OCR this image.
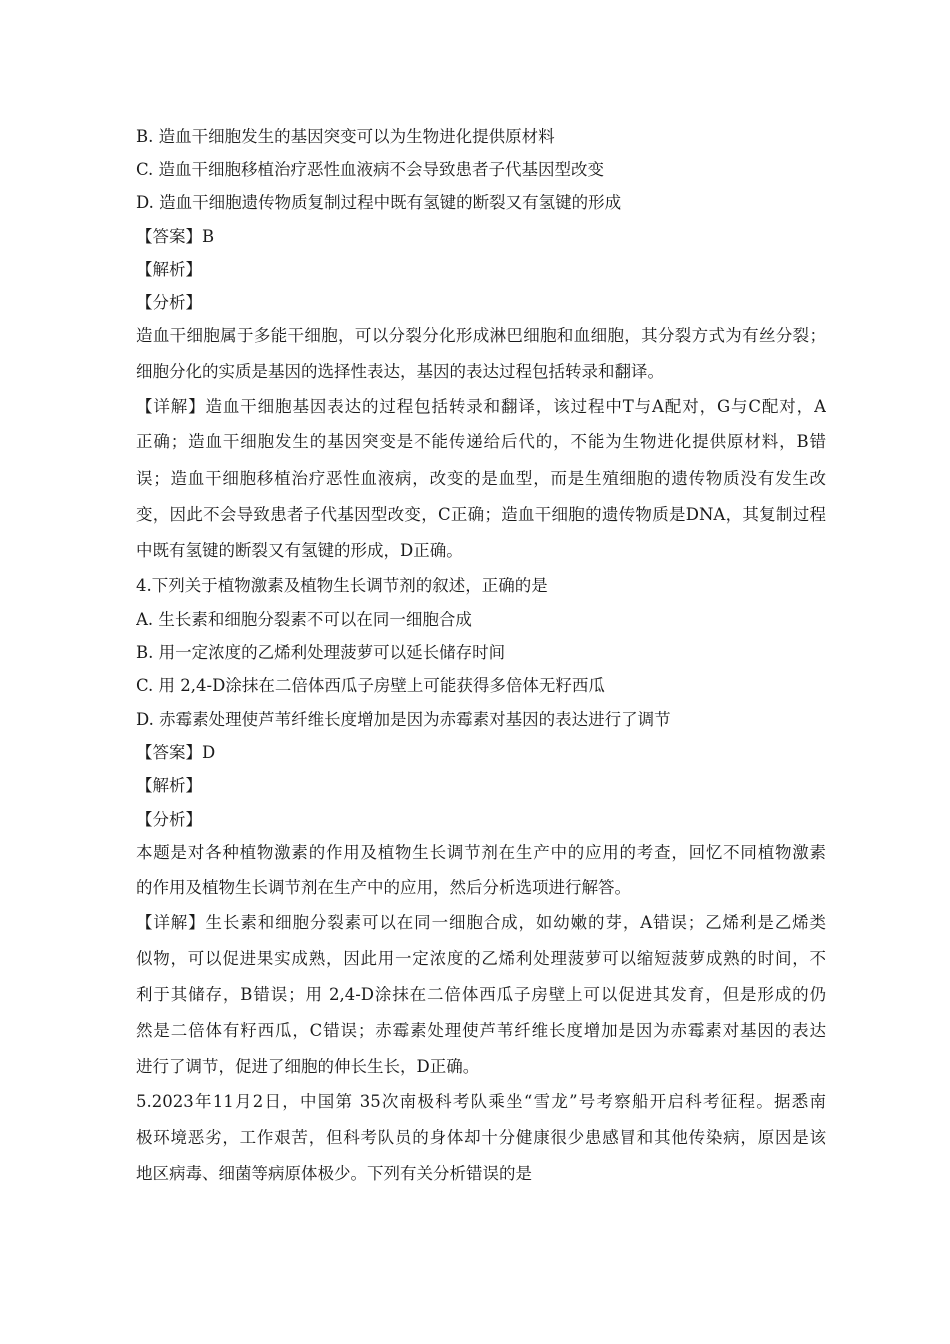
B. 造血干细胞发生的基因突变可以为生物进化提供原材料
C. 造血干细胞移植治疗恶性血液病不会导致患者子代基因型改变
D. 造血干细胞遗传物质复制过程中既有氢键的断裂又有氢键的形成
【答案】B
【解析】
【分析】
造血干细胞属于多能干细胞，可以分裂分化形成淋巴细胞和血细胞，其分裂方式为有丝分裂；
细胞分化的实质是基因的选择性表达，基因的表达过程包括转录和翻译。
【详解】造血干细胞基因表达的过程包括转录和翻译，该过程中T与A配对，G与C配对，A
正确；造血干细胞发生的基因突变是不能传递给后代的，不能为生物进化提供原材料，B错
误；造血干细胞移植治疗恶性血液病，改变的是血型，而是生殖细胞的遗传物质没有发生改
变，因此不会导致患者子代基因型改变，C正确；造血干细胞的遗传物质是DNA，其复制过程
中既有氢键的断裂又有氢键的形成，D正确。
4.下列关于植物激素及植物生长调节剂的叙述，正确的是
A. 生长素和细胞分裂素不可以在同一细胞合成
B. 用一定浓度的乙烯利处理菠萝可以延长储存时间
C. 用 2,4-D涂抹在二倍体西瓜子房壁上可能获得多倍体无籽西瓜
D. 赤霉素处理使芦苇纤维长度增加是因为赤霉素对基因的表达进行了调节
【答案】D
【解析】
【分析】
本题是对各种植物激素的作用及植物生长调节剂在生产中的应用的考查，回忆不同植物激素
的作用及植物生长调节剂在生产中的应用，然后分析选项进行解答。
【详解】生长素和细胞分裂素可以在同一细胞合成，如幼嫩的芽，A错误；乙烯利是乙烯类
似物，可以促进果实成熟，因此用一定浓度的乙烯利处理菠萝可以缩短菠萝成熟的时间，不
利于其储存，B错误；用 2,4-D涂抹在二倍体西瓜子房壁上可以促进其发育，但是形成的仍
然是二倍体有籽西瓜，C错误；赤霉素处理使芦苇纤维长度增加是因为赤霉素对基因的表达
进行了调节，促进了细胞的伸长生长，D正确。
5.2023年11月2日，中国第 35次南极科考队乘坐“雪龙”号考察船开启科考征程。据悉南
极环境恶劣，工作艰苦，但科考队员的身体却十分健康很少患感冒和其他传染病，原因是该
地区病毒、细菌等病原体极少。下列有关分析错误的是
